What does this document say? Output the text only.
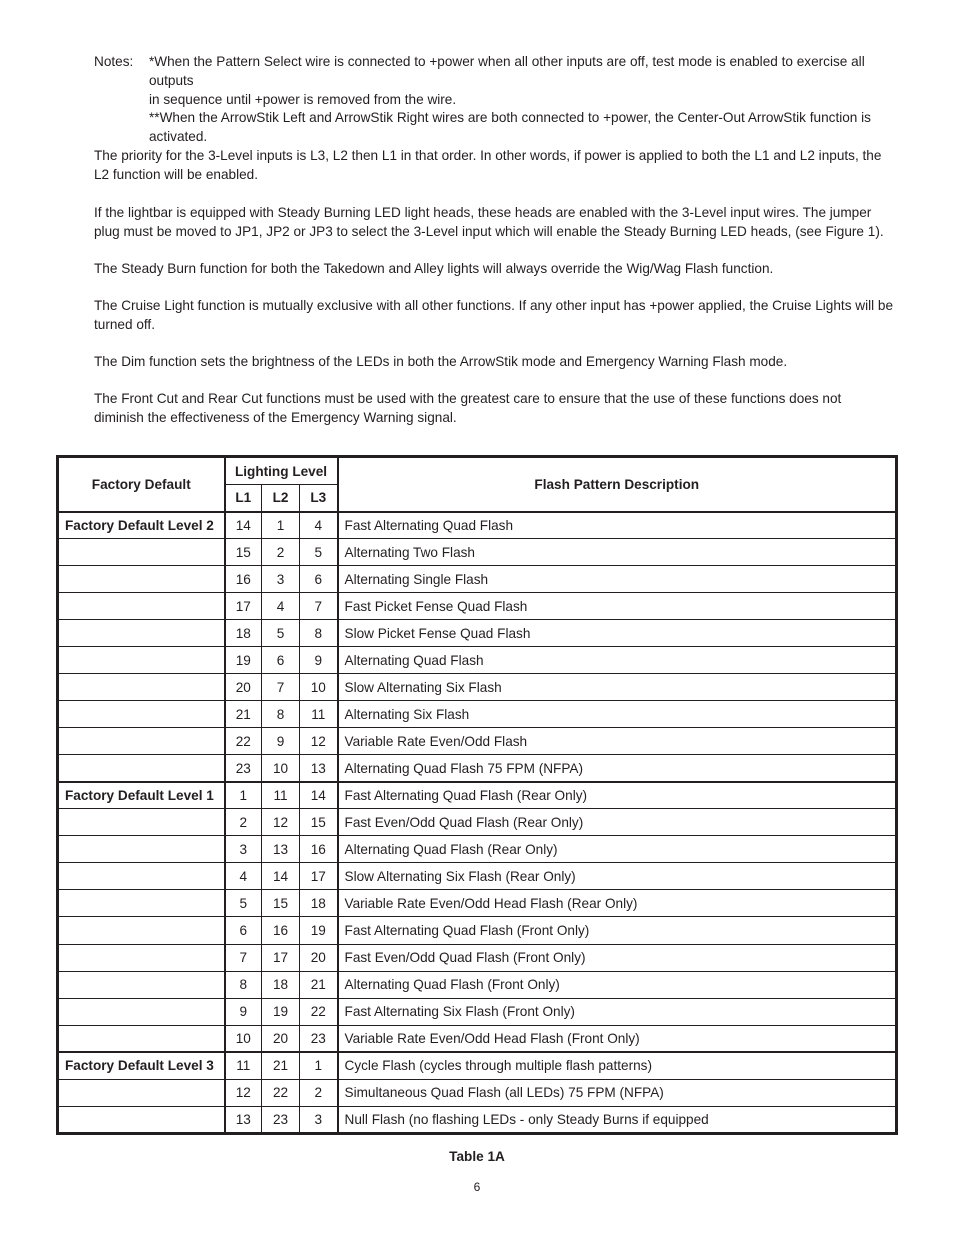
Notes: *When the Pattern Select wire is connected to +power when all other inputs are off, test mode is enabled to exercise all outputs
in sequence until +power is removed from the wire.
**When the ArrowStik Left and ArrowStik Right wires are both connected to +power, the Center-Out ArrowStik function is activated.
The priority for the 3-Level inputs is L3, L2 then L1 in that order. In other words, if power is applied to both the L1 and L2 inputs, the L2 function will be enabled.
If the lightbar is equipped with Steady Burning LED light heads, these heads are enabled with the 3-Level input wires. The jumper plug must be moved to JP1, JP2 or JP3 to select the 3-Level input which will enable the Steady Burning LED heads, (see Figure 1).
The Steady Burn function for both the Takedown and Alley lights will always override the Wig/Wag Flash function.
The Cruise Light function is mutually exclusive with all other functions. If any other input has +power applied, the Cruise Lights will be turned off.
The Dim function sets the brightness of the LEDs in both the ArrowStik mode and Emergency Warning Flash mode.
The Front Cut and Rear Cut functions must be used with the greatest care to ensure that the use of these functions does not diminish the effectiveness of the Emergency Warning signal.
Factory Default	Lighting Level			Flash Pattern Description
	L1	L2	L3	
Factory Default Level 2	14	1	4	Fast Alternating Quad Flash
	15	2	5	Alternating Two Flash
	16	3	6	Alternating Single Flash
	17	4	7	Fast Picket Fense Quad Flash
	18	5	8	Slow Picket Fense Quad Flash
	19	6	9	Alternating Quad Flash
	20	7	10	Slow Alternating Six Flash
	21	8	11	Alternating Six Flash
	22	9	12	Variable Rate Even/Odd Flash
	23	10	13	Alternating Quad Flash 75 FPM (NFPA)
Factory Default Level 1	1	11	14	Fast Alternating Quad Flash (Rear Only)
	2	12	15	Fast Even/Odd Quad Flash (Rear Only)
	3	13	16	Alternating Quad Flash (Rear Only)
	4	14	17	Slow Alternating Six Flash (Rear Only)
	5	15	18	Variable Rate Even/Odd Head Flash (Rear Only)
	6	16	19	Fast Alternating Quad Flash (Front Only)
	7	17	20	Fast Even/Odd Quad Flash (Front Only)
	8	18	21	Alternating Quad Flash (Front Only)
	9	19	22	Fast Alternating Six Flash (Front Only)
	10	20	23	Variable Rate Even/Odd Head Flash (Front Only)
Factory Default Level 3	11	21	1	Cycle Flash (cycles through multiple flash patterns)
	12	22	2	Simultaneous Quad Flash (all LEDs) 75 FPM (NFPA)
	13	23	3	Null Flash (no flashing LEDs - only Steady Burns if equipped
Table 1A
6
